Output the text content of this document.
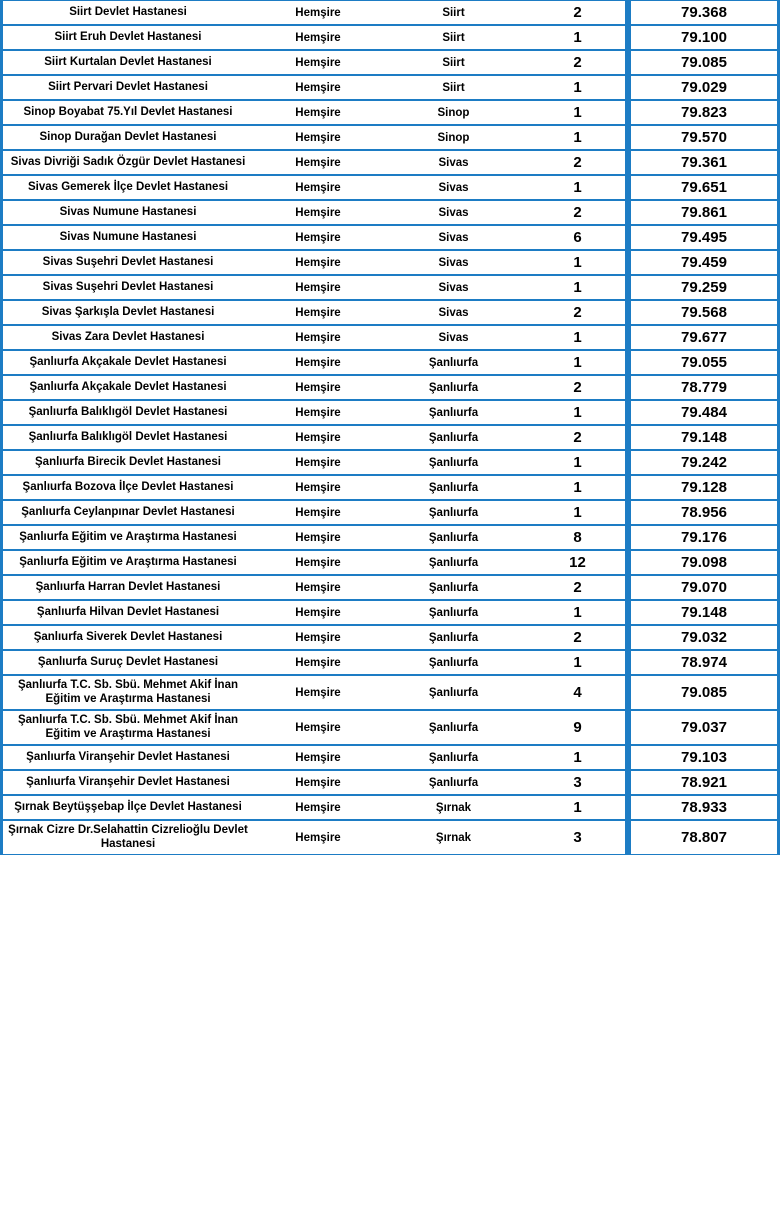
Siirt Devlet Hastanesi		Hemşire		Siirt		2		79.368
Siirt Eruh Devlet Hastanesi		Hemşire		Siirt		1		79.100
Siirt Kurtalan Devlet Hastanesi		Hemşire		Siirt		2		79.085
Siirt Pervari Devlet Hastanesi		Hemşire		Siirt		1		79.029
Sinop Boyabat 75.Yıl Devlet Hastanesi		Hemşire		Sinop		1		79.823
Sinop Durağan Devlet Hastanesi		Hemşire		Sinop		1		79.570
Sivas Divriği Sadık Özgür Devlet Hastanesi		Hemşire		Sivas		2		79.361
Sivas Gemerek İlçe Devlet Hastanesi		Hemşire		Sivas		1		79.651
Sivas Numune Hastanesi		Hemşire		Sivas		2		79.861
Sivas Numune Hastanesi		Hemşire		Sivas		6		79.495
Sivas Suşehri Devlet Hastanesi		Hemşire		Sivas		1		79.459
Sivas Suşehri Devlet Hastanesi		Hemşire		Sivas		1		79.259
Sivas Şarkışla Devlet Hastanesi		Hemşire		Sivas		2		79.568
Sivas Zara Devlet Hastanesi		Hemşire		Sivas		1		79.677
Şanlıurfa Akçakale Devlet Hastanesi		Hemşire		Şanlıurfa		1		79.055
Şanlıurfa Akçakale Devlet Hastanesi		Hemşire		Şanlıurfa		2		78.779
Şanlıurfa Balıklıgöl Devlet Hastanesi		Hemşire		Şanlıurfa		1		79.484
Şanlıurfa Balıklıgöl Devlet Hastanesi		Hemşire		Şanlıurfa		2		79.148
Şanlıurfa Birecik Devlet Hastanesi		Hemşire		Şanlıurfa		1		79.242
Şanlıurfa Bozova İlçe Devlet Hastanesi		Hemşire		Şanlıurfa		1		79.128
Şanlıurfa Ceylanpınar Devlet Hastanesi		Hemşire		Şanlıurfa		1		78.956
Şanlıurfa Eğitim ve Araştırma Hastanesi		Hemşire		Şanlıurfa		8		79.176
Şanlıurfa Eğitim ve Araştırma Hastanesi		Hemşire		Şanlıurfa		12		79.098
Şanlıurfa Harran Devlet Hastanesi		Hemşire		Şanlıurfa		2		79.070
Şanlıurfa Hilvan Devlet Hastanesi		Hemşire		Şanlıurfa		1		79.148
Şanlıurfa Siverek Devlet Hastanesi		Hemşire		Şanlıurfa		2		79.032
Şanlıurfa Suruç Devlet Hastanesi		Hemşire		Şanlıurfa		1		78.974
Şanlıurfa T.C. Sb. Sbü. Mehmet Akif İnan Eğitim ve Araştırma Hastanesi		Hemşire		Şanlıurfa		4		79.085
Şanlıurfa T.C. Sb. Sbü. Mehmet Akif İnan Eğitim ve Araştırma Hastanesi		Hemşire		Şanlıurfa		9		79.037
Şanlıurfa Viranşehir Devlet Hastanesi		Hemşire		Şanlıurfa		1		79.103
Şanlıurfa Viranşehir Devlet Hastanesi		Hemşire		Şanlıurfa		3		78.921
Şırnak Beytüşşebap İlçe Devlet Hastanesi		Hemşire		Şırnak		1		78.933
Şırnak Cizre Dr.Selahattin Cizrelioğlu Devlet Hastanesi		Hemşire		Şırnak		3		78.807
